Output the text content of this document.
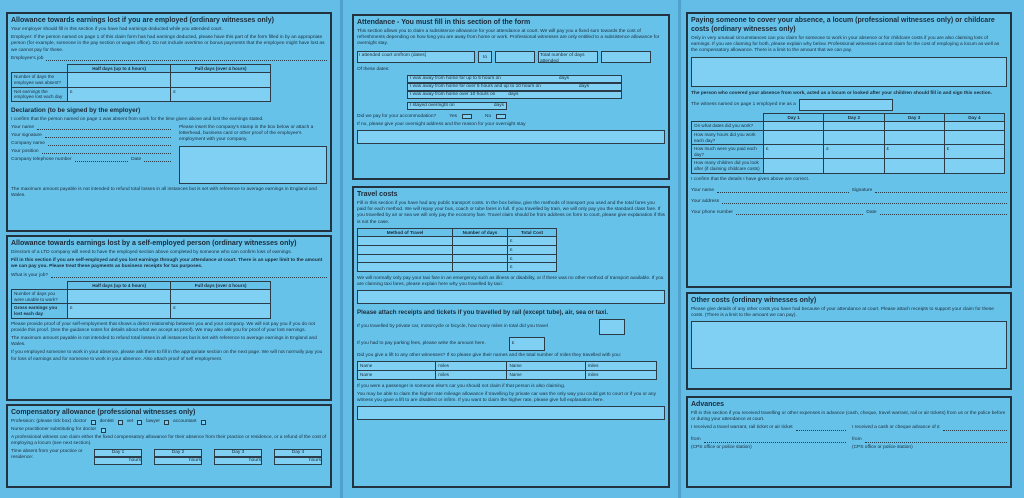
Allowance towards earnings lost if you are employed (ordinary witnesses only)
Your employer should fill in this section if you have had earnings deducted while you attended court.
Employer: If the person named on page 1 of this claim form has had earnings deducted, please have this part of the form filled in by an appropriate person (for example, someone in the pay section or wages office). Do not include overtime or bonus payments that the employee might have lost as we cannot pay for these.
Employee's job
	Half days (up to 4 hours)	Full days (over 4 hours)
Number of days the employee was absent?		
Net earnings the employee lost each day	£	£
Declaration (to be signed by the employer)
I confirm that the person named on page 1 was absent from work for the time given above and lost the earnings stated.
Your name
Your signature
Company name
Your position
Company telephone number	Date
Please insert the company's stamp in the box below or attach a letterhead, business card or other proof of the employee's employment with your company.
The maximum amount payable is not intended to refund total losses in all instances but is set with reference to average earnings in England and Wales.
Allowance towards earnings lost by a self-employed person (ordinary witnesses only)
Directors of a LTD company will need to have the employed section above completed by someone who can confirm loss of earnings.
Fill in this section if you are self-employed and you lost earnings through your attendance at court. There is an upper limit to the amount we can pay you. Please treat these payments as business receipts for tax purposes.
What is your job?
	Half days (up to 4 hours)	Full days (over 4 hours)
Number of days you were unable to work?		
Gross earnings you lost each day	£	£
Please provide proof of your self-employment that shows a direct relationship between you and your company. We will not pay you if you do not provide this proof. (See the guidance notes for details about what we accept as proof). We may also ask you for proof of your lost earnings.
The maximum amount payable is not intended to refund total losses in all instances but is set with reference to average earnings in England and Wales.
If you employed someone to work in your absence, please ask them to fill in the appropriate section on the next page. We will not normally pay you for loss of earnings and for someone to work in your absence. Also attach proof of self employment.
Compensatory allowance (professional witnesses only)
Profession: (please tick box) doctor	dentist	vet	lawyer	accountant
Nurse practitioner substituting for doctor
A professional witness can claim either the fixed compensatory allowance for their absence from their practice or residence, or a refund of the cost of employing a locum (see next section).
Time absent from your practice or residence:
Day 1
hours
Day 2
hours
Day 3
hours
Day 4
hours
Attendance - You must fill in this section of the form
This section allows you to claim a subsistence allowance for your attendance at court. We will pay you a fixed sum towards the cost of refreshments depending on how long you are away from home or work. Professional witnesses are only entitled to a subsistence allowance for overnight stay.
I attended court on/from (dates)	to	Total number of days attended
Of these dates:
I was away from home for up to 5 hours on	days
I was away from home for over 5 hours and up to 10 hours on	days
I was away from home over 10 hours on	days
I stayed overnight on	days
Did we pay for your accommodation?	Yes	No
If no, please give your overnight address and the reason for your overnight stay
Travel costs
Fill in this section if you have had any public transport costs. In the box below, give the methods of transport you used and the total fares you paid for each method. We will repay your bus, coach or tube fares in full. If you travelled by train, we will only pay you the standard class fare. If you travelled by air or sea we will only pay the economy fare. Travel claim should be from address on form to court, please give explanation if this is not the case.
Method of Travel	Number of days	Total Cost
		£
		£
		£
		£
We will normally only pay your taxi fare in an emergency such as illness or disability, or if there was no other method of transport available. If you are claiming taxi fares, please explain here why you travelled by taxi:
Please attach receipts and tickets if you travelled by rail (except tube), air, sea or taxi.
If you travelled by private car, motorcycle or bicycle, how many miles in total did you travel
If you had to pay parking fees, please write the amount here.	£
Did you give a lift to any other witnesses? If so please give their names and the total number of miles they travelled with you:
Name	miles	Name	miles
Name	miles	Name	miles
If you were a passenger in someone else's car you should not claim if that person is also claiming.
You may be able to claim the higher rate mileage allowance if travelling by private car was the only way you could get to court or if you or any witness you gave a lift to are disabled or infirm. If you want to claim the higher rate, please give full explanation here.
Paying someone to cover your absence, a locum (professional witnesses only) or childcare costs (ordinary witnesses only)
Only in very unusual circumstances can you claim for someone to work in your absence or for childcare costs if you are also claiming loss of earnings. If you are claiming for both, please explain why below. Professional witnesses cannot claim for the cost of employing a locum as well as the compensatory allowance. There is a limit to the amount that we can pay.
The person who covered your absence from work, acted as a locum or looked after your children should fill in and sign this section.
The witness named on page 1 employed me as a
	Day 1	Day 2	Day 3	Day 4
On what dates did you work?				
How many hours did you work each day?				
How much were you paid each day?	£	£	£	£
How many children did you look after (if claiming childcare costs)				
I confirm that the details I have given above are correct.
Your name	Signature
Your address
Your phone number	Date
Other costs (ordinary witnesses only)
Please give details of any other costs you have had because of your attendance at court. Please attach receipts to support your claim for these costs. (There is a limit to the amount we can pay).
Advances
Fill in this section if you received travelling or other expenses in advance (cash, cheque, travel warrant, rail or air tickets) from us or the police before or during your attendance at court.
I received a travel warrant, rail ticket or air ticket
from
(CPS office or police station)
I received a cash or cheque advance of £
from
(CPS office or police station)
